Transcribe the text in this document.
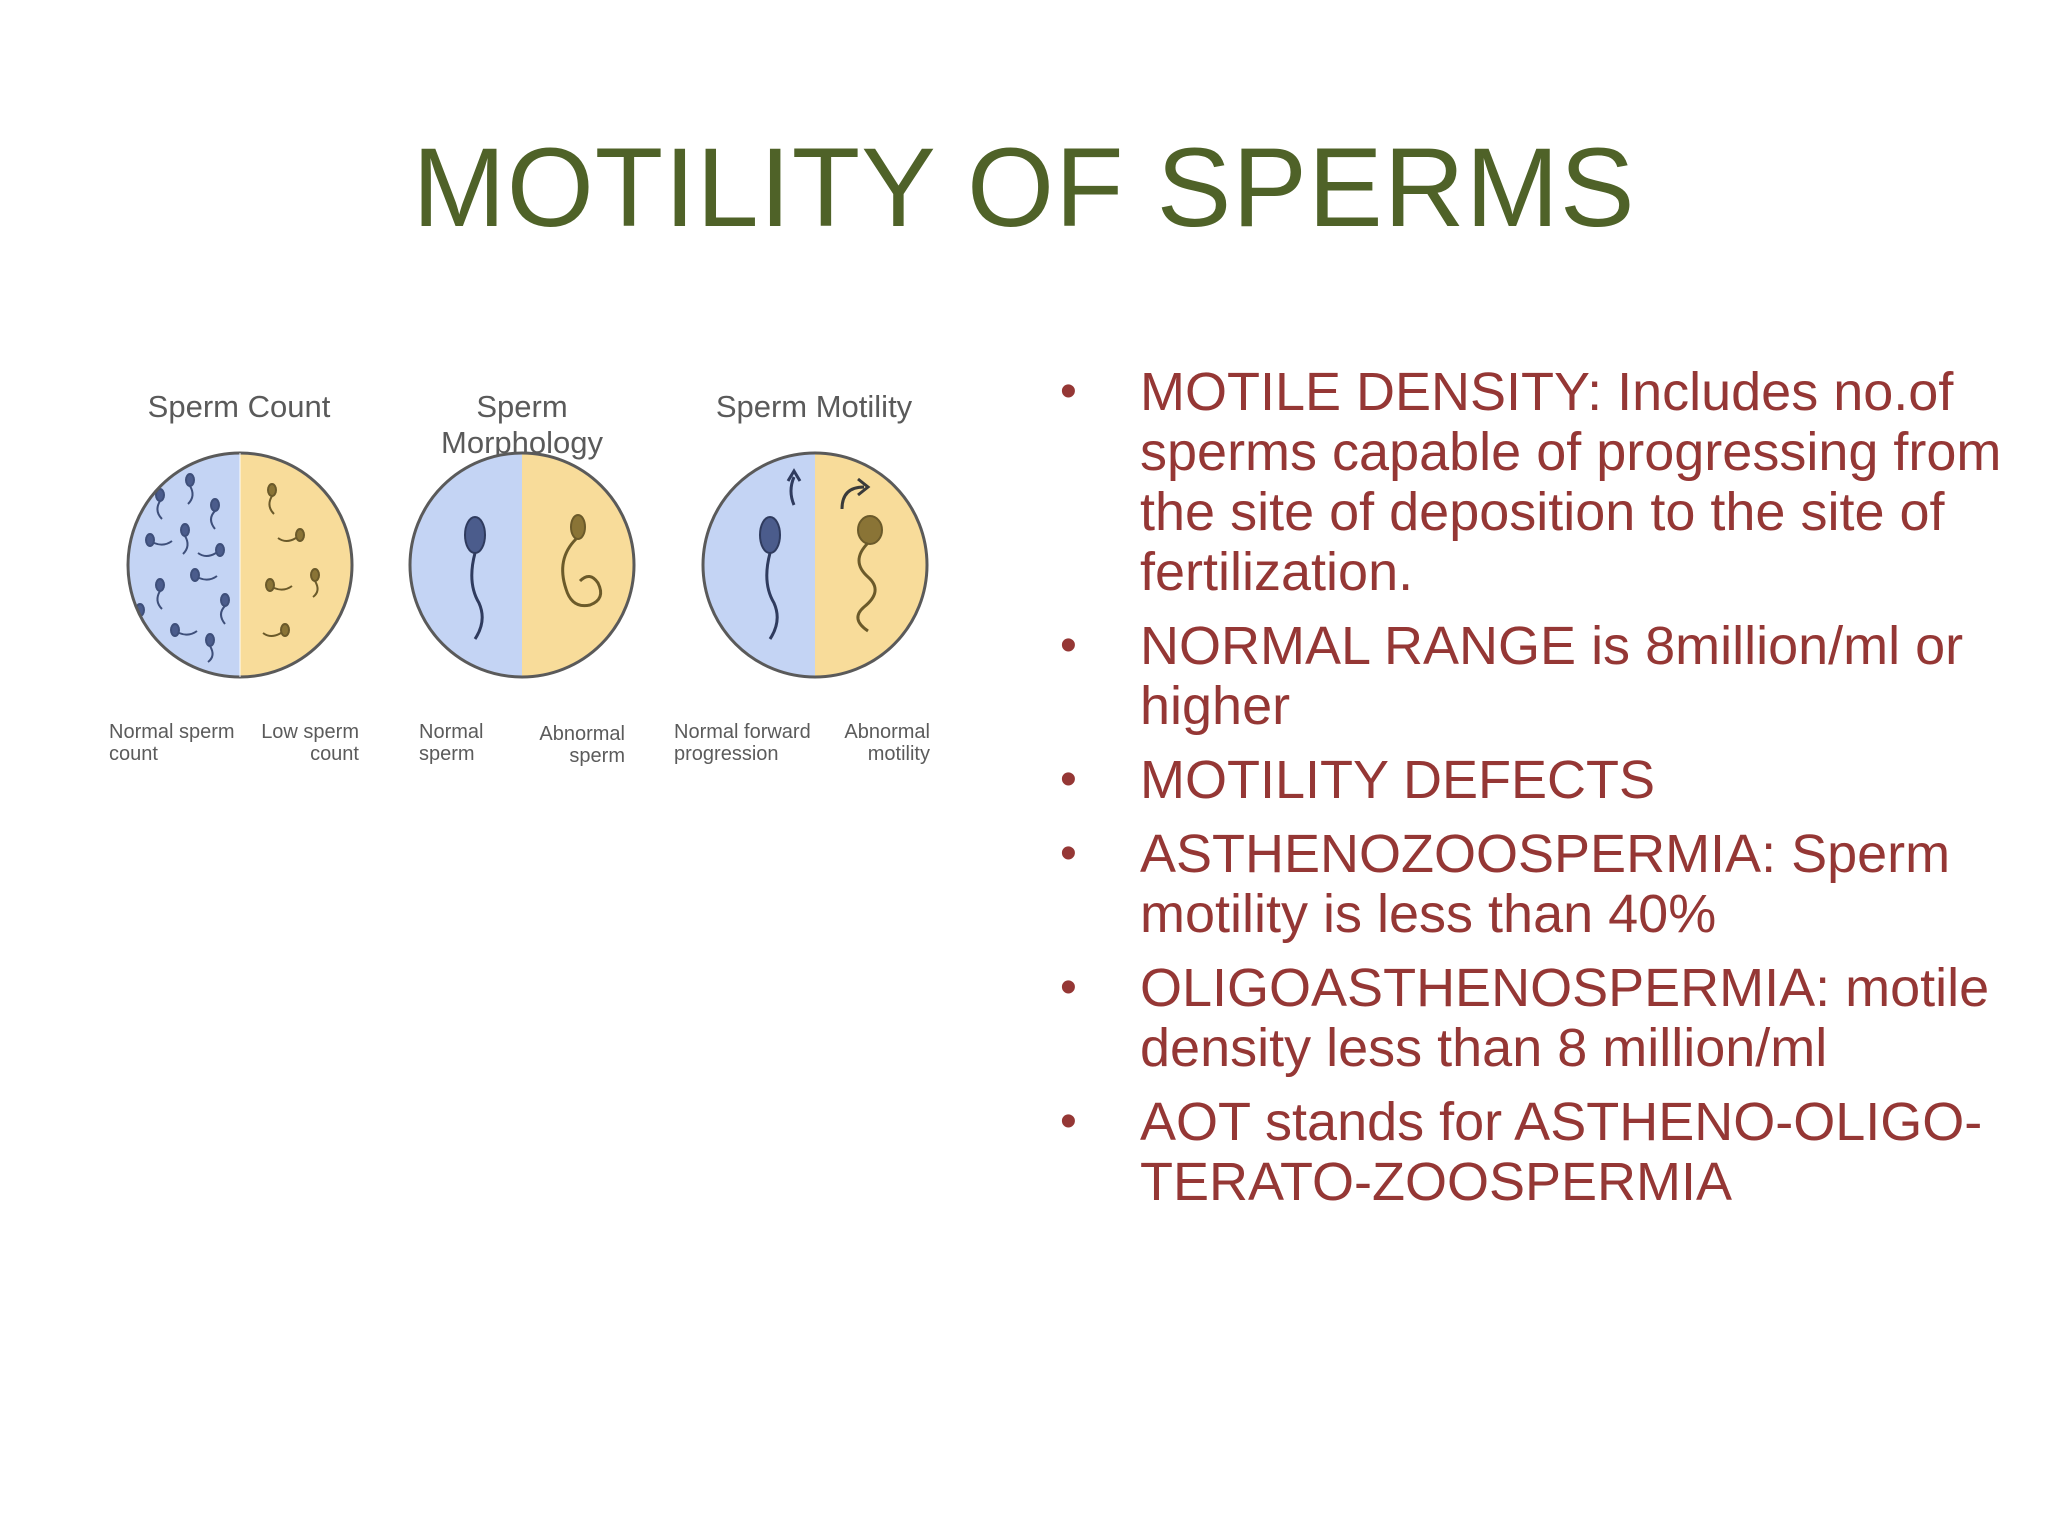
MOTILITY OF SPERMS
Sperm Count	Sperm Morphology
Sperm Motility
Normal sperm count
Low sperm count
Normal sperm
Abnormal sperm
Normal forward progression
Abnormal motility
•	MOTILE DENSITY: Includes no.of sperms capable of progressing from the site of deposition to the site of fertilization.
•	NORMAL RANGE is 8million/ml or higher
•	MOTILITY DEFECTS
•	ASTHENOZOOSPERMIA: Sperm motility is less than 40%
•	OLIGOASTHENOSPERMIA: motile density less than 8 million/ml
•	AOT stands for ASTHENO-OLIGO-TERATO-ZOOSPERMIA
